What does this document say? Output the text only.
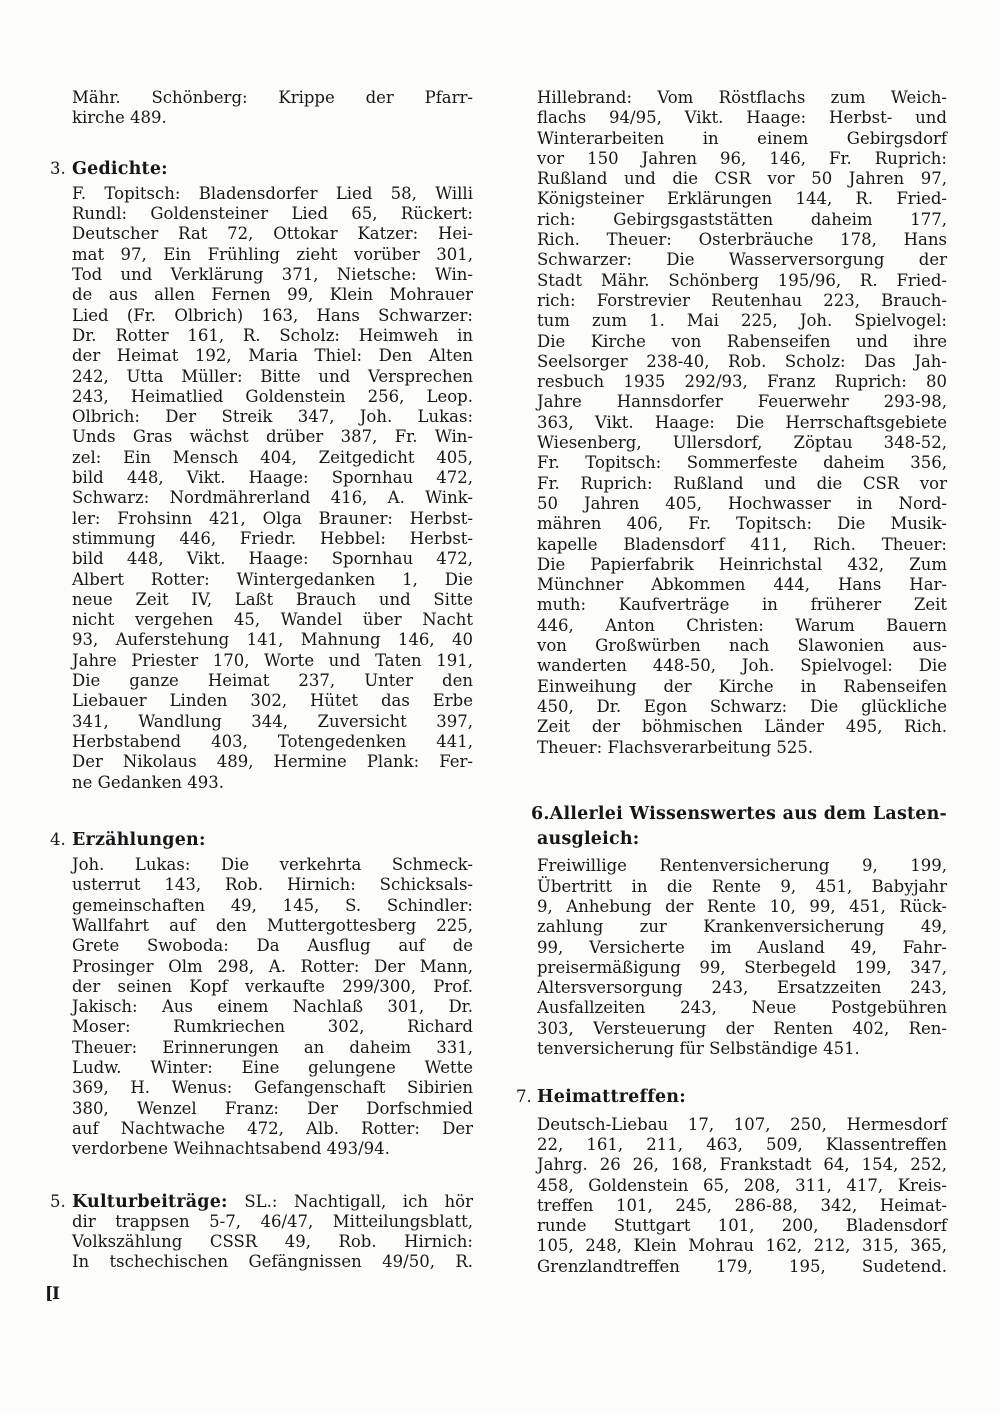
Mähr. Schönberg: Krippe der Pfarr-
kirche 489.
3. Gedichte:
F. Topitsch: Bladensdorfer Lied 58, Willi
Rundl: Goldensteiner Lied 65, Rückert:
Deutscher Rat 72, Ottokar Katzer: Hei-
mat 97, Ein Frühling zieht vorüber 301,
Tod und Verklärung 371, Nietsche: Win-
de aus allen Fernen 99, Klein Mohrauer
Lied (Fr. Olbrich) 163, Hans Schwarzer:
Dr. Rotter 161, R. Scholz: Heimweh in
der Heimat 192, Maria Thiel: Den Alten
242, Utta Müller: Bitte und Versprechen
243, Heimatlied Goldenstein 256, Leop.
Olbrich: Der Streik 347, Joh. Lukas:
Unds Gras wächst drüber 387, Fr. Win-
zel: Ein Mensch 404, Zeitgedicht 405,
bild 448, Vikt. Haage: Spornhau 472,
Schwarz: Nordmährerland 416, A. Wink-
ler: Frohsinn 421, Olga Brauner: Herbst-
stimmung 446, Friedr. Hebbel: Herbst-
bild 448, Vikt. Haage: Spornhau 472,
Albert Rotter: Wintergedanken 1, Die
neue Zeit IV, Laßt Brauch und Sitte
nicht vergehen 45, Wandel über Nacht
93, Auferstehung 141, Mahnung 146, 40
Jahre Priester 170, Worte und Taten 191,
Die ganze Heimat 237, Unter den
Liebauer Linden 302, Hütet das Erbe
341, Wandlung 344, Zuversicht 397,
Herbstabend 403, Totengedenken 441,
Der Nikolaus 489, Hermine Plank: Fer-
ne Gedanken 493.
4. Erzählungen:
Joh. Lukas: Die verkehrta Schmeck-
usterrut 143, Rob. Hirnich: Schicksals-
gemeinschaften 49, 145, S. Schindler:
Wallfahrt auf den Muttergottesberg 225,
Grete Swoboda: Da Ausflug auf de
Prosinger Olm 298, A. Rotter: Der Mann,
der seinen Kopf verkaufte 299/300, Prof.
Jakisch: Aus einem Nachlaß 301, Dr.
Moser: Rumkriechen 302, Richard
Theuer: Erinnerungen an daheim 331,
Ludw. Winter: Eine gelungene Wette
369, H. Wenus: Gefangenschaft Sibirien
380, Wenzel Franz: Der Dorfschmied
auf Nachtwache 472, Alb. Rotter: Der
verdorbene Weihnachtsabend 493/94.
5. Kulturbeiträge: SL.: Nachtigall, ich hör
dir trappsen 5-7, 46/47, Mitteilungsblatt,
Volkszählung CSSR 49, Rob. Hirnich:
In tschechischen Gefängnissen 49/50, R.
Hillebrand: Vom Röstflachs zum Weich-
flachs 94/95, Vikt. Haage: Herbst- und
Winterarbeiten in einem Gebirgsdorf
vor 150 Jahren 96, 146, Fr. Ruprich:
Rußland und die CSR vor 50 Jahren 97,
Königsteiner Erklärungen 144, R. Fried-
rich: Gebirgsgaststätten daheim 177,
Rich. Theuer: Osterbräuche 178, Hans
Schwarzer: Die Wasserversorgung der
Stadt Mähr. Schönberg 195/96, R. Fried-
rich: Forstrevier Reutenhau 223, Brauch-
tum zum 1. Mai 225, Joh. Spielvogel:
Die Kirche von Rabenseifen und ihre
Seelsorger 238-40, Rob. Scholz: Das Jah-
resbuch 1935 292/93, Franz Ruprich: 80
Jahre Hannsdorfer Feuerwehr 293-98,
363, Vikt. Haage: Die Herrschaftsgebiete
Wiesenberg, Ullersdorf, Zöptau 348-52,
Fr. Topitsch: Sommerfeste daheim 356,
Fr. Ruprich: Rußland und die CSR vor
50 Jahren 405, Hochwasser in Nord-
mähren 406, Fr. Topitsch: Die Musik-
kapelle Bladensdorf 411, Rich. Theuer:
Die Papierfabrik Heinrichstal 432, Zum
Münchner Abkommen 444, Hans Har-
muth: Kaufverträge in früherer Zeit
446, Anton Christen: Warum Bauern
von Großwürben nach Slawonien aus-
wanderten 448-50, Joh. Spielvogel: Die
Einweihung der Kirche in Rabenseifen
450, Dr. Egon Schwarz: Die glückliche
Zeit der böhmischen Länder 495, Rich.
Theuer: Flachsverarbeitung 525.
6.Allerlei Wissenswertes aus dem Lasten-
ausgleich:
Freiwillige Rentenversicherung 9, 199,
Übertritt in die Rente 9, 451, Babyjahr
9, Anhebung der Rente 10, 99, 451, Rück-
zahlung zur Krankenversicherung 49,
99, Versicherte im Ausland 49, Fahr-
preisermäßigung 99, Sterbegeld 199, 347,
Altersversorgung 243, Ersatzzeiten 243,
Ausfallzeiten 243, Neue Postgebühren
303, Versteuerung der Renten 402, Ren-
tenversicherung für Selbständige 451.
7. Heimattreffen:
Deutsch-Liebau 17, 107, 250, Hermesdorf
22, 161, 211, 463, 509, Klassentreffen
Jahrg. 26 26, 168, Frankstadt 64, 154, 252,
458, Goldenstein 65, 208, 311, 417, Kreis-
treffen 101, 245, 286-88, 342, Heimat-
runde Stuttgart 101, 200, Bladensdorf
105, 248, Klein Mohrau 162, 212, 315, 365,
Grenzlandtreffen 179, 195, Sudetend.
[I
